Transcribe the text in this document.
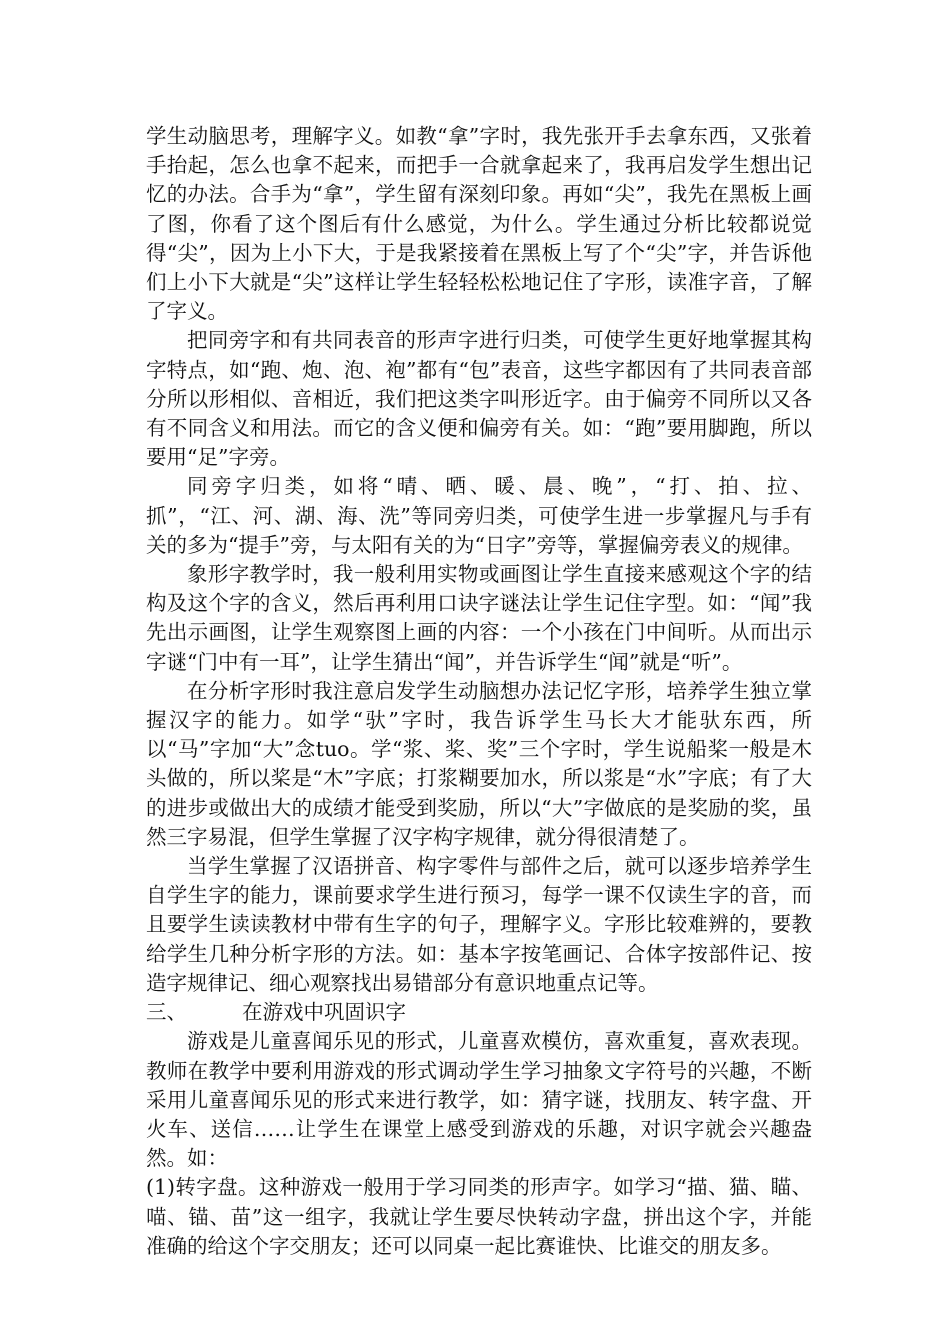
学生动脑思考，理解字义。如教“拿”字时，我先张开手去拿东西，又张着手抬起，怎么也拿不起来，而把手一合就拿起来了，我再启发学生想出记忆的办法。合手为“拿”，学生留有深刻印象。再如“尖”，我先在黑板上画了图，你看了这个图后有什么感觉，为什么。学生通过分析比较都说觉得“尖”，因为上小下大，于是我紧接着在黑板上写了个“尖”字，并告诉他们上小下大就是“尖”这样让学生轻轻松松地记住了字形，读准字音，了解了字义。

把同旁字和有共同表音的形声字进行归类，可使学生更好地掌握其构字特点，如“跑、炮、泡、袍”都有“包”表音，这些字都因有了共同表音部分所以形相似、音相近，我们把这类字叫形近字。由于偏旁不同所以又各有不同含义和用法。而它的含义便和偏旁有关。如：“跑”要用脚跑，所以要用“足”字旁。

同旁字归类，如将“晴、晒、暖、晨、晚”，“打、拍、拉、抓”，“江、河、湖、海、洗”等同旁归类，可使学生进一步掌握凡与手有关的多为“提手”旁，与太阳有关的为“日字”旁等，掌握偏旁表义的规律。

象形字教学时，我一般利用实物或画图让学生直接来感观这个字的结构及这个字的含义，然后再利用口诀字谜法让学生记住字型。如：“闻”我先出示画图，让学生观察图上画的内容：一个小孩在门中间听。从而出示字谜“门中有一耳”，让学生猜出“闻”，并告诉学生“闻”就是“听”。

在分析字形时我注意启发学生动脑想办法记忆字形，培养学生独立掌握汉字的能力。如学“驮”字时，我告诉学生马长大才能驮东西，所以“马”字加“大”念tuo。学“浆、桨、奖”三个字时，学生说船桨一般是木头做的，所以桨是“木”字底；打浆糊要加水，所以浆是“水”字底；有了大的进步或做出大的成绩才能受到奖励，所以“大”字做底的是奖励的奖，虽然三字易混，但学生掌握了汉字构字规律，就分得很清楚了。

当学生掌握了汉语拼音、构字零件与部件之后，就可以逐步培养学生自学生字的能力，课前要求学生进行预习，每学一课不仅读生字的音，而且要学生读读教材中带有生字的句子，理解字义。字形比较难辨的，要教给学生几种分析字形的方法。如：基本字按笔画记、合体字按部件记、按造字规律记、细心观察找出易错部分有意识地重点记等。

三、	在游戏中巩固识字

游戏是儿童喜闻乐见的形式，儿童喜欢模仿，喜欢重复，喜欢表现。教师在教学中要利用游戏的形式调动学生学习抽象文字符号的兴趣，不断采用儿童喜闻乐见的形式来进行教学，如：猜字谜，找朋友、转字盘、开火车、送信……让学生在课堂上感受到游戏的乐趣，对识字就会兴趣盎然。如：

(1)转字盘。这种游戏一般用于学习同类的形声字。如学习“描、猫、瞄、喵、锚、苗”这一组字，我就让学生要尽快转动字盘，拼出这个字，并能准确的给这个字交朋友；还可以同桌一起比赛谁快、比谁交的朋友多。
